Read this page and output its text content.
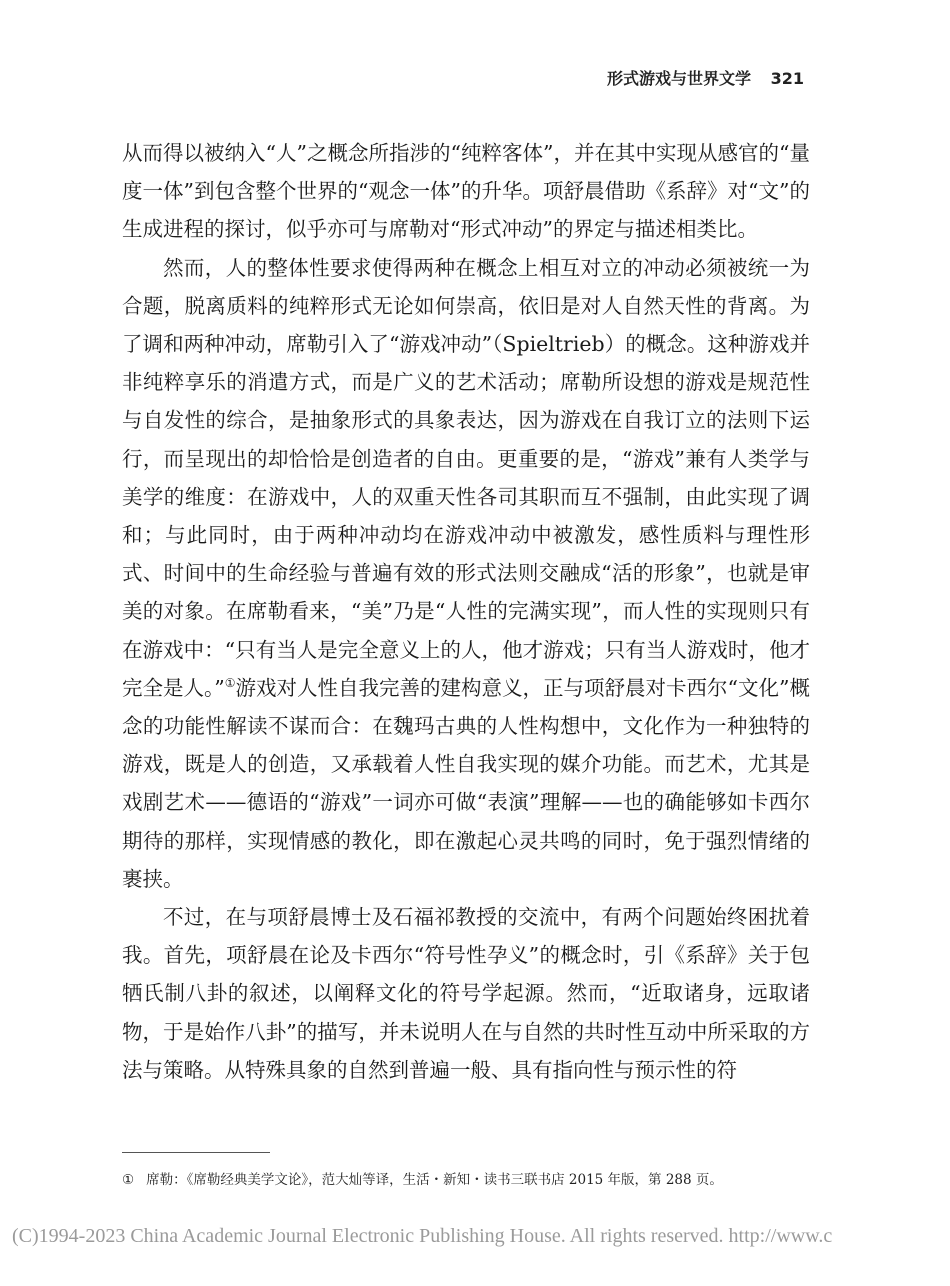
形式游戏与世界文学 321

从而得以被纳入“人”之概念所指涉的“纯粹客体”，并在其中实现从感官的“量度一体”到包含整个世界的“观念一体”的升华。项舒晨借助《系辞》对“文”的生成进程的探讨，似乎亦可与席勒对“形式冲动”的界定与描述相类比。

然而，人的整体性要求使得两种在概念上相互对立的冲动必须被统一为合题，脱离质料的纯粹形式无论如何崇高，依旧是对人自然天性的背离。为了调和两种冲动，席勒引入了“游戏冲动”（Spieltrieb）的概念。这种游戏并非纯粹享乐的消遣方式，而是广义的艺术活动；席勒所设想的游戏是规范性与自发性的综合，是抽象形式的具象表达，因为游戏在自我订立的法则下运行，而呈现出的却恰恰是创造者的自由。更重要的是，“游戏”兼有人类学与美学的维度：在游戏中，人的双重天性各司其职而互不强制，由此实现了调和；与此同时，由于两种冲动均在游戏冲动中被激发，感性质料与理性形式、时间中的生命经验与普遍有效的形式法则交融成“活的形象”，也就是审美的对象。在席勒看来，“美”乃是“人性的完满实现”，而人性的实现则只有在游戏中：“只有当人是完全意义上的人，他才游戏；只有当人游戏时，他才完全是人。”①游戏对人性自我完善的建构意义，正与项舒晨对卡西尔“文化”概念的功能性解读不谋而合：在魏玛古典的人性构想中，文化作为一种独特的游戏，既是人的创造，又承载着人性自我实现的媒介功能。而艺术，尤其是戏剧艺术——德语的“游戏”一词亦可做“表演”理解——也的确能够如卡西尔期待的那样，实现情感的教化，即在激起心灵共鸣的同时，免于强烈情绪的裹挟。

不过，在与项舒晨博士及石福祁教授的交流中，有两个问题始终困扰着我。首先，项舒晨在论及卡西尔“符号性孕义”的概念时，引《系辞》关于包牺氏制八卦的叙述，以阐释文化的符号学起源。然而，“近取诸身，远取诸物，于是始作八卦”的描写，并未说明人在与自然的共时性互动中所采取的方法与策略。从特殊具象的自然到普遍一般、具有指向性与预示性的符

① 席勒：《席勒经典美学文论》，范大灿等译，生活・新知・读书三联书店 2015 年版，第 288 页。
(C)1994-2023 China Academic Journal Electronic Publishing House. All rights reserved. http://www.c
